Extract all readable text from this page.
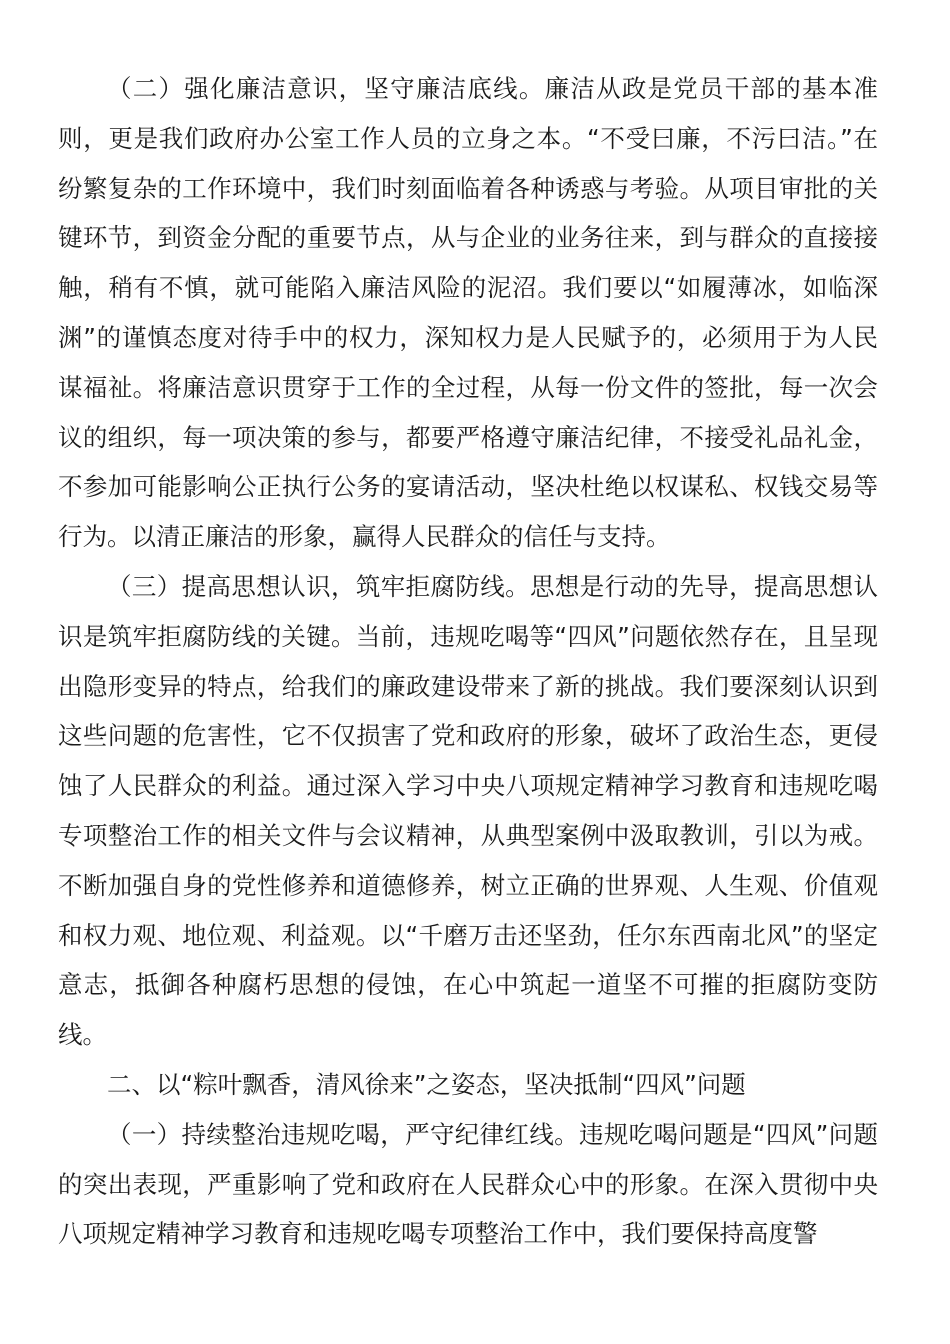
（二）强化廉洁意识，坚守廉洁底线。廉洁从政是党员干部的基本准则，更是我们政府办公室工作人员的立身之本。“不受曰廉，不污曰洁。”在纷繁复杂的工作环境中，我们时刻面临着各种诱惑与考验。从项目审批的关键环节，到资金分配的重要节点，从与企业的业务往来，到与群众的直接接触，稍有不慎，就可能陷入廉洁风险的泥沼。我们要以“如履薄冰，如临深渊”的谨慎态度对待手中的权力，深知权力是人民赋予的，必须用于为人民谋福祉。将廉洁意识贯穿于工作的全过程，从每一份文件的签批，每一次会议的组织，每一项决策的参与，都要严格遵守廉洁纪律，不接受礼品礼金，不参加可能影响公正执行公务的宴请活动，坚决杜绝以权谋私、权钱交易等行为。以清正廉洁的形象，赢得人民群众的信任与支持。

（三）提高思想认识，筑牢拒腐防线。思想是行动的先导，提高思想认识是筑牢拒腐防线的关键。当前，违规吃喝等“四风”问题依然存在，且呈现出隐形变异的特点，给我们的廉政建设带来了新的挑战。我们要深刻认识到这些问题的危害性，它不仅损害了党和政府的形象，破坏了政治生态，更侵蚀了人民群众的利益。通过深入学习中央八项规定精神学习教育和违规吃喝专项整治工作的相关文件与会议精神，从典型案例中汲取教训，引以为戒。不断加强自身的党性修养和道德修养，树立正确的世界观、人生观、价值观和权力观、地位观、利益观。以“千磨万击还坚劲，任尔东西南北风”的坚定意志，抵御各种腐朽思想的侵蚀，在心中筑起一道坚不可摧的拒腐防变防线。

二、以“粽叶飘香，清风徐来”之姿态，坚决抵制“四风”问题

（一）持续整治违规吃喝，严守纪律红线。违规吃喝问题是“四风”问题的突出表现，严重影响了党和政府在人民群众心中的形象。在深入贯彻中央八项规定精神学习教育和违规吃喝专项整治工作中，我们要保持高度警
